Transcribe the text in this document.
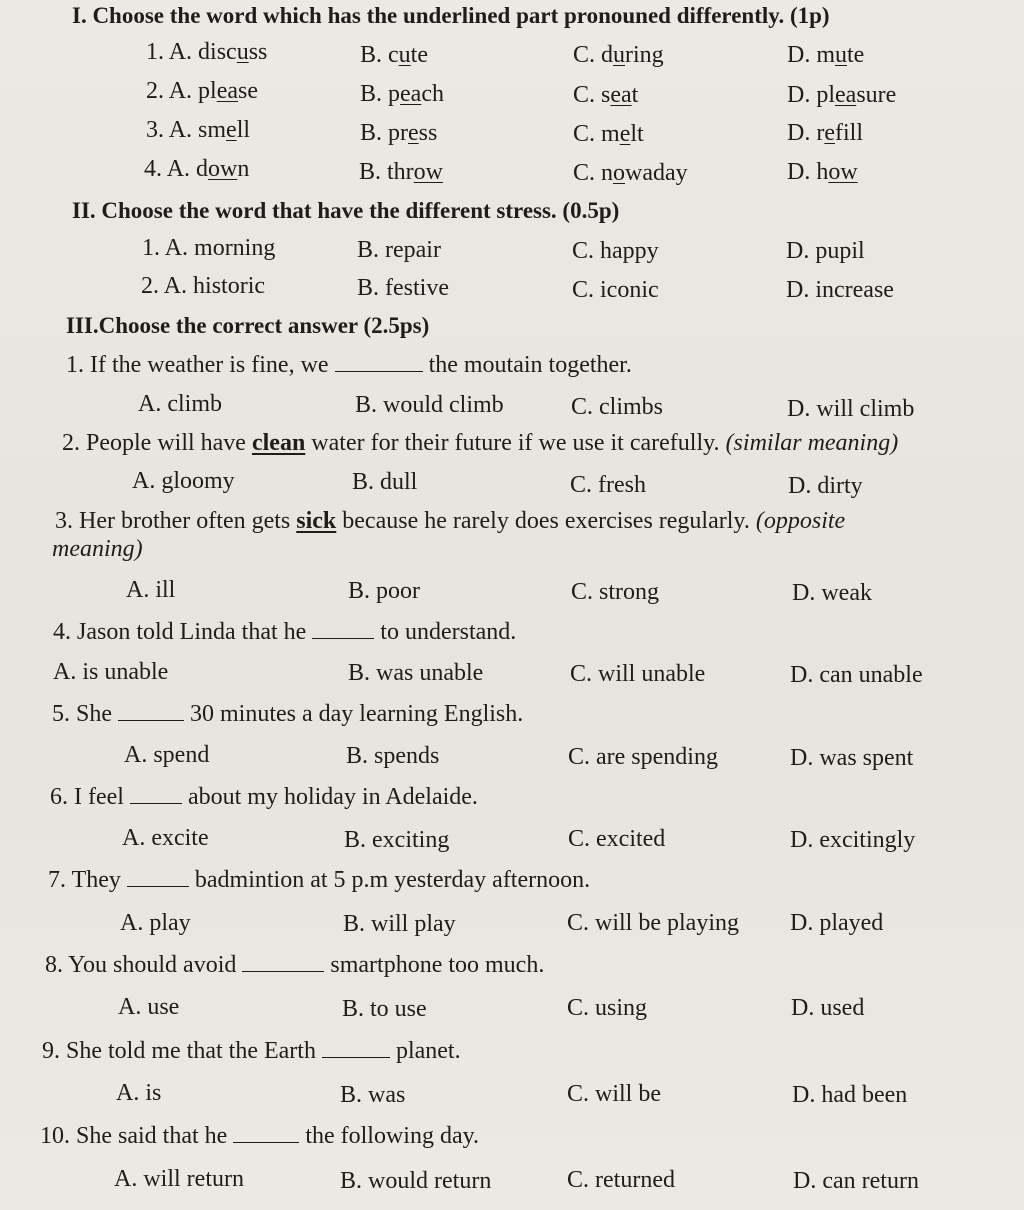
I. Choose the word which has the underlined part pronouned differently. (1p)
1. A. discuss	B. cute	C. during	D. mute
2. A. please	B. peach	C. seat	D. pleasure
3. A. smell	B. press	C. melt	D. refill
4. A. down	B. throw	C. nowaday	D. how
II. Choose the word that have the different stress. (0.5p)
1. A. morning	B. repair	C. happy	D. pupil
2. A. historic	B. festive	C. iconic	D. increase
III.Choose the correct answer (2.5ps)
1. If the weather is fine, we	the moutain together.
A. climb	B. would climb	C. climbs	D. will climb
2. People will have clean water for their future if we use it carefully. (similar meaning)
A. gloomy	B. dull	C. fresh	D. dirty
3. Her brother often gets sick because he rarely does exercises regularly. (opposite
meaning)
A. ill	B. poor	C. strong	D. weak
4. Jason told Linda that he	to understand.
A. is unable	B. was unable	C. will unable	D. can unable
5. She	30 minutes a day learning English.
A. spend	B. spends	C. are spending	D. was spent
6. I feel	about my holiday in Adelaide.
A. excite	B. exciting	C. excited	D. excitingly
7. They	badmintion at 5 p.m yesterday afternoon.
A. play	B. will play	C. will be playing D. played
8. You should avoid	smartphone too much.
A. use	B. to use	C. using	D. used
9. She told me that the Earth	planet.
A. is	B. was	C. will be	D. had been
10. She said that he	the following day.
A. will return	B. would return	C. returned	D. can return
